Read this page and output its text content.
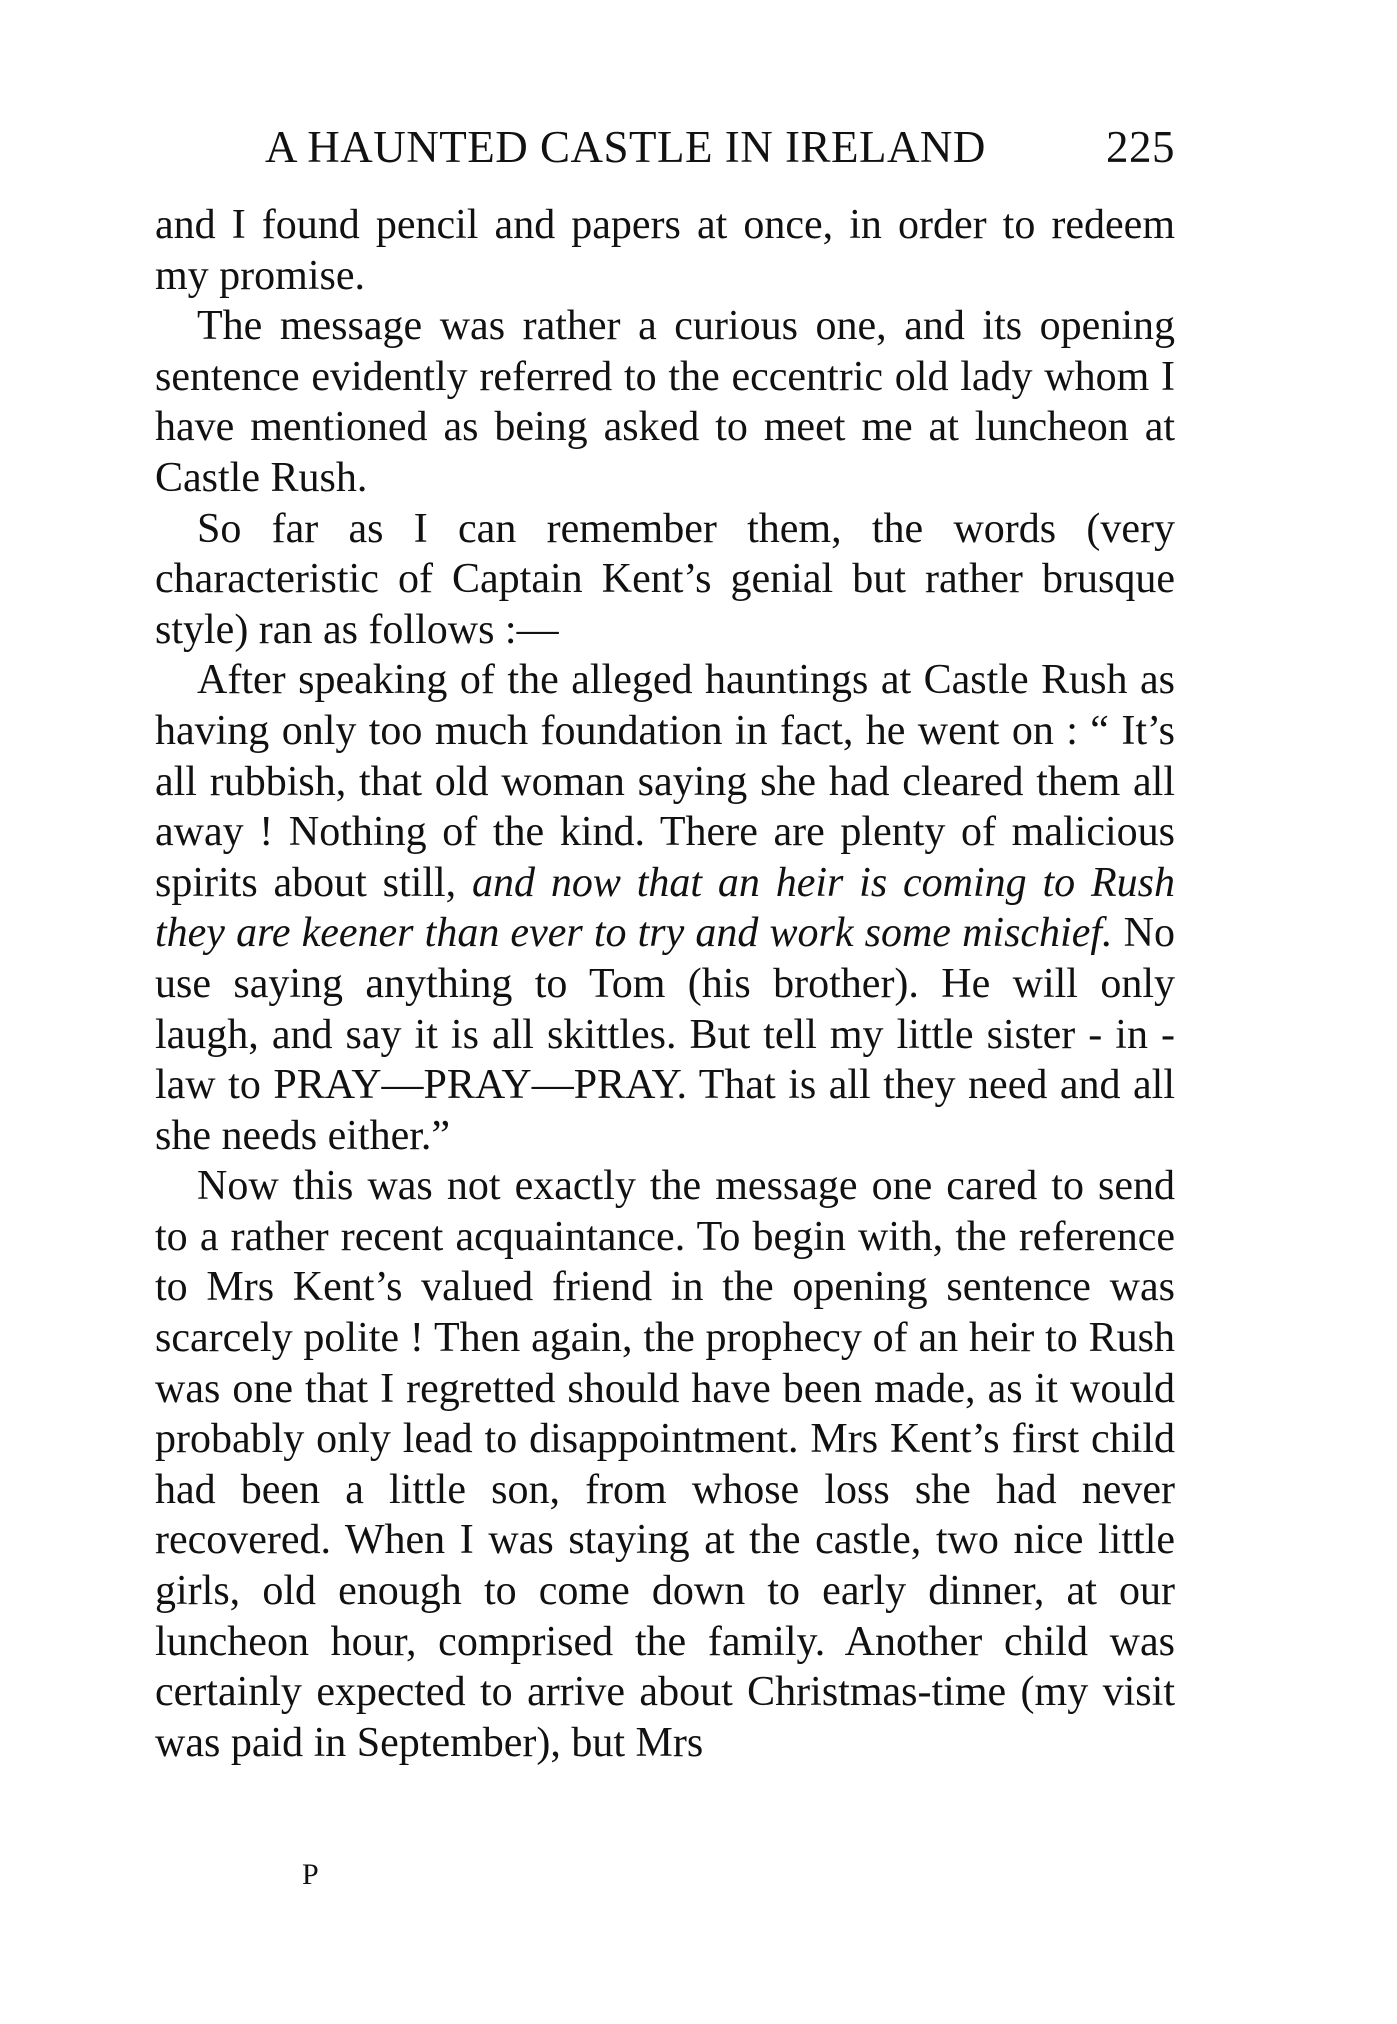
A HAUNTED CASTLE IN IRELAND	225

and I found pencil and papers at once, in order to redeem my promise.

The message was rather a curious one, and its opening sentence evidently referred to the eccentric old lady whom I have mentioned as being asked to meet me at luncheon at Castle Rush.

So far as I can remember them, the words (very characteristic of Captain Kent’s genial but rather brusque style) ran as follows :—

After speaking of the alleged hauntings at Castle Rush as having only too much foundation in fact, he went on : “ It’s all rubbish, that old woman saying she had cleared them all away ! Nothing of the kind. There are plenty of malicious spirits about still, and now that an heir is coming to Rush they are keener than ever to try and work some mischief. No use saying anything to Tom (his brother). He will only laugh, and say it is all skittles. But tell my little sister - in - law to PRAY—PRAY—PRAY. That is all they need and all she needs either.”

Now this was not exactly the message one cared to send to a rather recent acquaintance. To begin with, the reference to Mrs Kent’s valued friend in the opening sentence was scarcely polite ! Then again, the prophecy of an heir to Rush was one that I regretted should have been made, as it would probably only lead to disappointment. Mrs Kent’s first child had been a little son, from whose loss she had never recovered. When I was staying at the castle, two nice little girls, old enough to come down to early dinner, at our luncheon hour, comprised the family. Another child was certainly expected to arrive about Christmas-time (my visit was paid in September), but Mrs

P
